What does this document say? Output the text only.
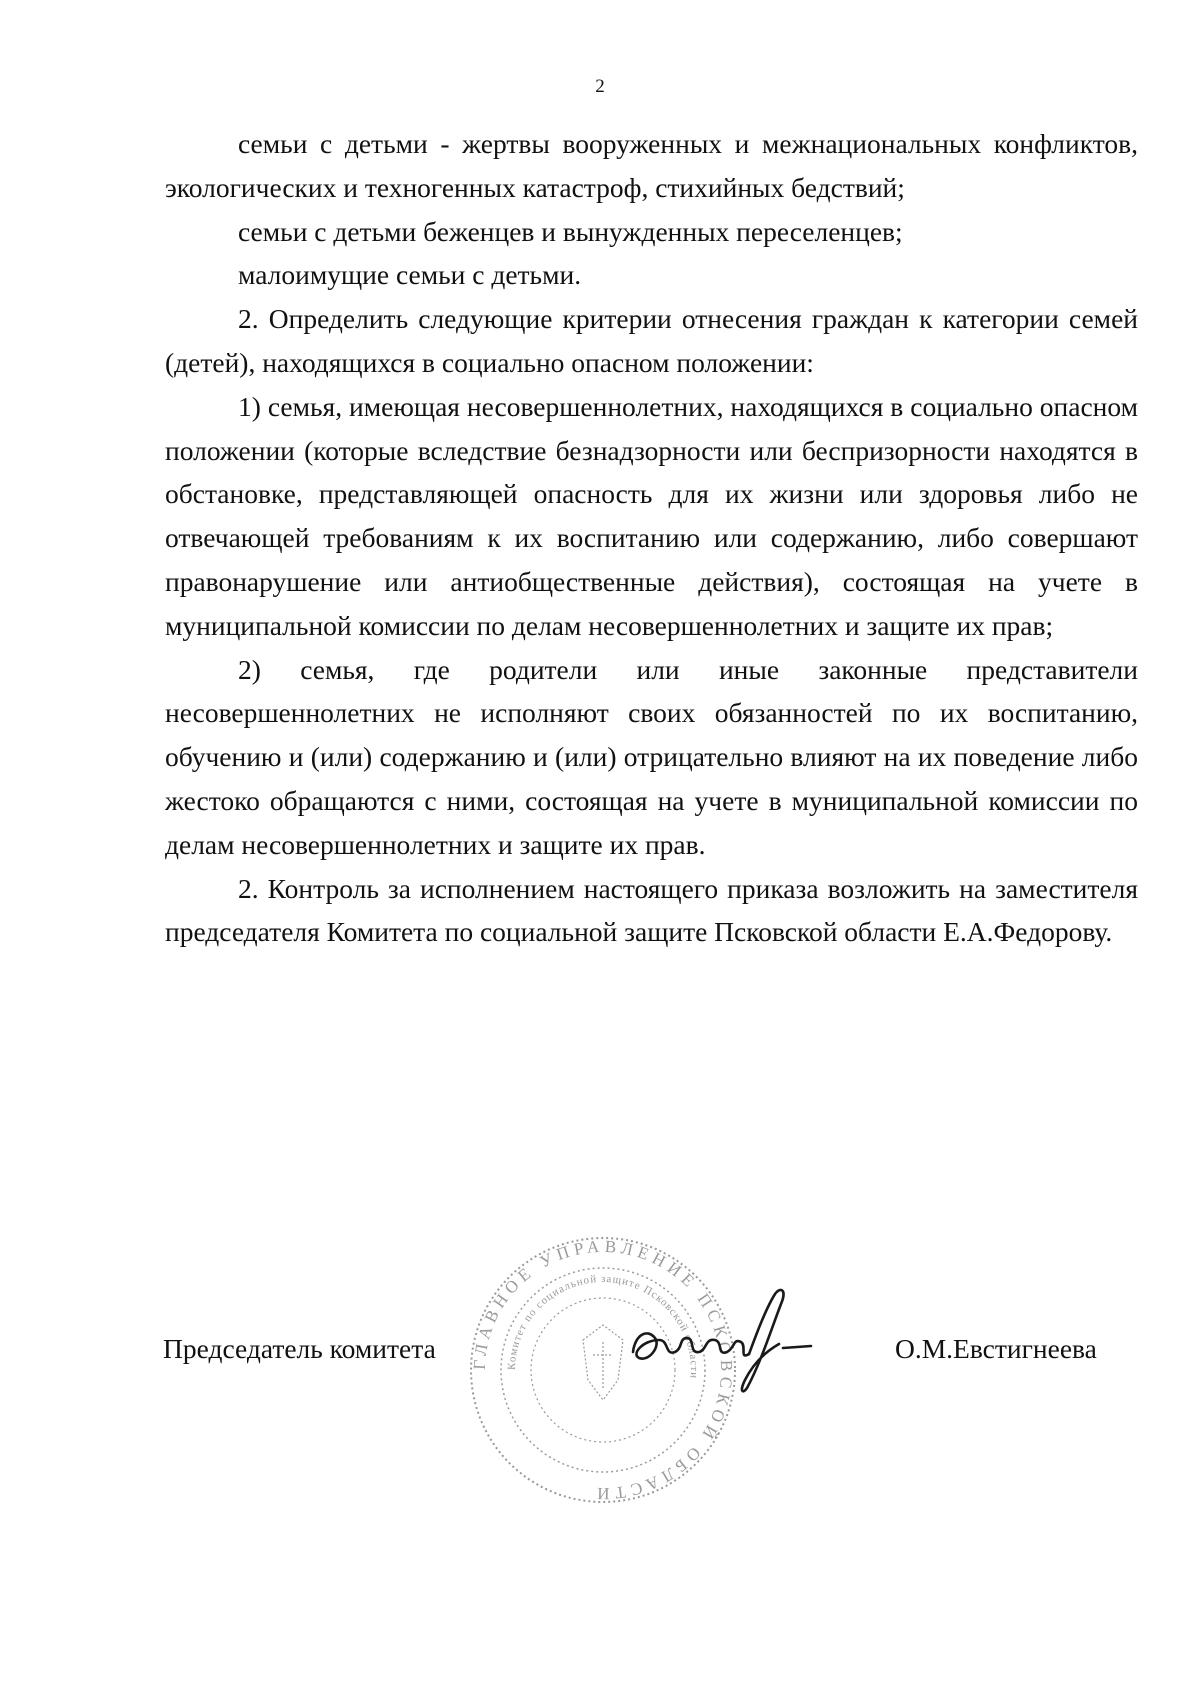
2

семьи с детьми - жертвы вооруженных и межнациональных конфликтов, экологических и техногенных катастроф, стихийных бедствий;

семьи с детьми беженцев и вынужденных переселенцев;

малоимущие семьи с детьми.

2. Определить следующие критерии отнесения граждан к категории семей (детей), находящихся в социально опасном положении:

1) семья, имеющая несовершеннолетних, находящихся в социально опасном положении (которые вследствие безнадзорности или беспризорности находятся в обстановке, представляющей опасность для их жизни или здоровья либо не отвечающей требованиям к их воспитанию или содержанию, либо совершают правонарушение или антиобщественные действия), состоящая на учете в муниципальной комиссии по делам несовершеннолетних и защите их прав;

2) семья, где родители или иные законные представители несовершеннолетних не исполняют своих обязанностей по их воспитанию, обучению и (или) содержанию и (или) отрицательно влияют на их поведение либо жестоко обращаются с ними, состоящая на учете в муниципальной комиссии по делам несовершеннолетних и защите их прав.

2. Контроль за исполнением настоящего приказа возложить на заместителя председателя Комитета по социальной защите Псковской области Е.А.Федорову.

ГЛАВНОЕ УПРАВЛЕНИЕ ПСКОВСКОЙ ОБЛАСТИ
Комитет по социальной защите Псковской области
Председатель комитета	О.М.Евстигнеева
